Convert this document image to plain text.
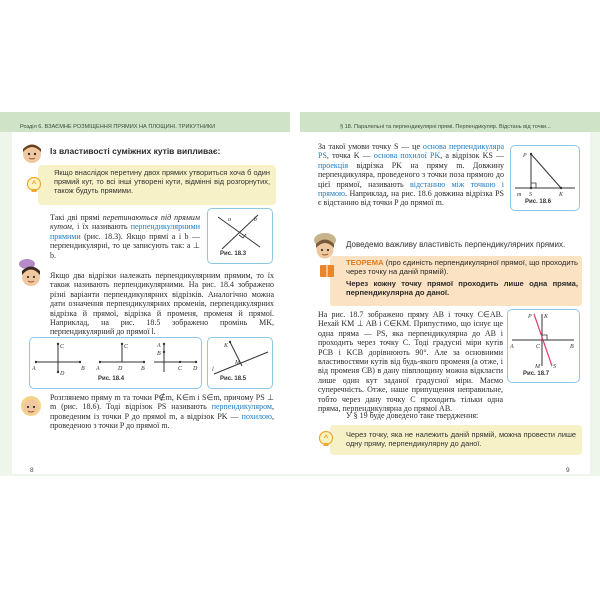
Розділ 6. ВЗАЄМНЕ РОЗМІЩЕННЯ ПРЯМИХ НА ПЛОЩИНІ. ТРИКУТНИКИ	§ 18. Паралельні та перпендикулярні прямі. Перпендикуляр. Відстань від точки...
Із властивості суміжних кутів випливає:
Якщо внаслідок перетину двох прямих утвориться хоча б один прямий кут, то всі інші утворені кути, відмінні від розгорнутих, також будуть прямими.
Такі дві прямі перетинаються під прямим кутом, і їх називають перпендикулярними прямими (рис. 18.3). Якщо прямі a і b — перпендикулярні, то це записують так: a ⊥ b.
a	b
Рис. 18.3
Якщо два відрізки належать перпендикулярним прямим, то їх також називають перпендикулярними. На рис. 18.4 зображено різні варіанти перпендикулярних відрізків. Аналогічно можна дати означення перпендикулярних променів, перпендикулярних відрізка й прямої, відрізка й променя, променя й прямої. Наприклад, на рис. 18.5 зображено промінь MK, перпендикулярний до прямої l.
A	B
C
D
A	B
C
D
A
B
C D
Рис. 18.4
K
M
l
Рис. 18.5
Розглянемо пряму m та точки P∉m, K∈m і S∈m, причому PS ⊥ m (рис. 18.6). Тоді відрізок PS називають перпендикуляром, проведеним із точки P до прямої m, а відрізок PK — похилою, проведеною з точки P до прямої m.
8
За такої умови точку S — це основа перпендикуляра PS, точка K — основа похилої PK, а відрізок KS — проекція відрізка PK на пряму m. Довжину перпендикуляра, проведеного з точки поза прямою до цієї прямої, називають відстанню між точкою і прямою. Наприклад, на рис. 18.6 довжина відрізка PS є відстанню від точки P до прямої m.
P
m S	K
Рис. 18.6
Доведемо важливу властивість перпендикулярних прямих.
ТЕОРЕМА (про єдиність перпендикулярної прямої, що проходить через точку на даній прямій).
Через кожну точку прямої проходить лише одна пряма, перпендикулярна до даної.
На рис. 18.7 зображено пряму AB і точку C∈AB. Нехай KM ⊥ AB і C∈KM. Припустимо, що існує ще одна пряма — PS, яка перпендикулярна до AB і проходить через точку C. Тоді градусні міри кутів PCB і KCB дорівнюють 90°. Але за основними властивостями кутів від будь-якого променя (а отже, і від променя CB) в дану півплощину можна відкласти лише один кут заданої градусної міри. Маємо суперечність. Отже, наше припущення неправильне, тобто через дану точку C проходить тільки одна пряма, перпендикулярна до прямої AB.
A	B
K
P
C
M S
Рис. 18.7
У § 19 буде доведено таке твердження:
Через точку, яка не належить даній прямій, можна провести лише одну пряму, перпендикулярну до даної.
9
